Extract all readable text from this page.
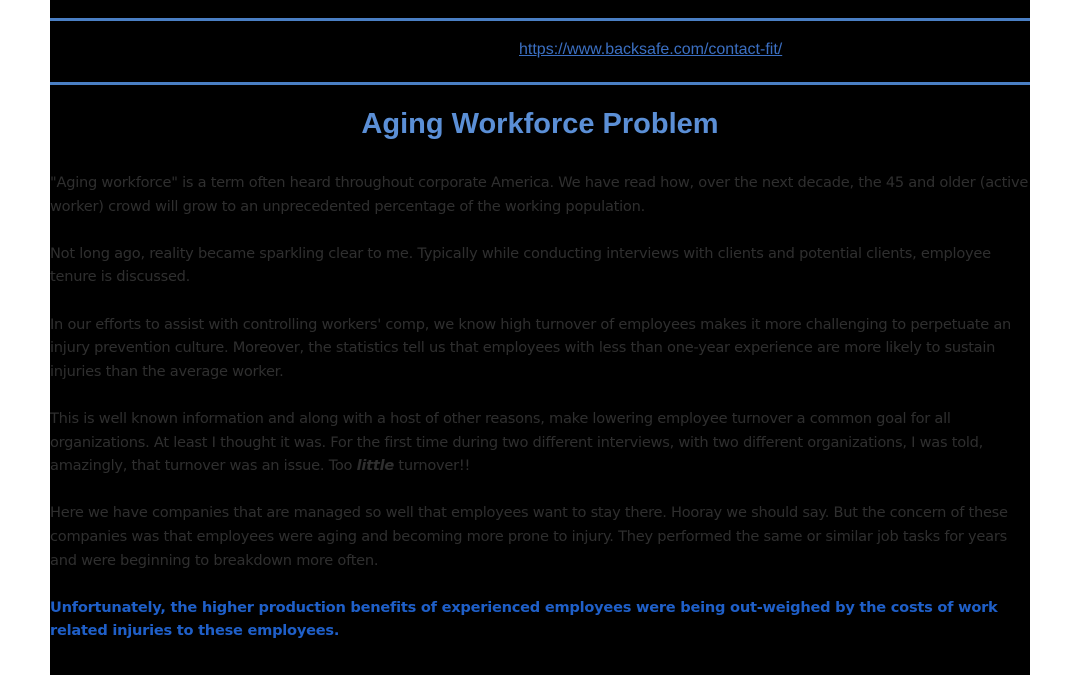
https://www.backsafe.com/contact-fit/
Aging Workforce Problem

"Aging workforce" is a term often heard throughout corporate America. We have read how, over the next decade, the 45 and older (active worker) crowd will grow to an unprecedented percentage of the working population.

Not long ago, reality became sparkling clear to me. Typically while conducting interviews with clients and potential clients, employee tenure is discussed.

In our efforts to assist with controlling workers' comp, we know high turnover of employees makes it more challenging to perpetuate an injury prevention culture. Moreover, the statistics tell us that employees with less than one-year experience are more likely to sustain injuries than the average worker.

This is well known information and along with a host of other reasons, make lowering employee turnover a common goal for all organizations. At least I thought it was. For the first time during two different interviews, with two different organizations, I was told, amazingly, that turnover was an issue. Too little turnover!!

Here we have companies that are managed so well that employees want to stay there. Hooray we should say. But the concern of these companies was that employees were aging and becoming more prone to injury. They performed the same or similar job tasks for years and were beginning to breakdown more often.

Unfortunately, the higher production benefits of experienced employees were being out-weighed by the costs of work related injuries to these employees.
